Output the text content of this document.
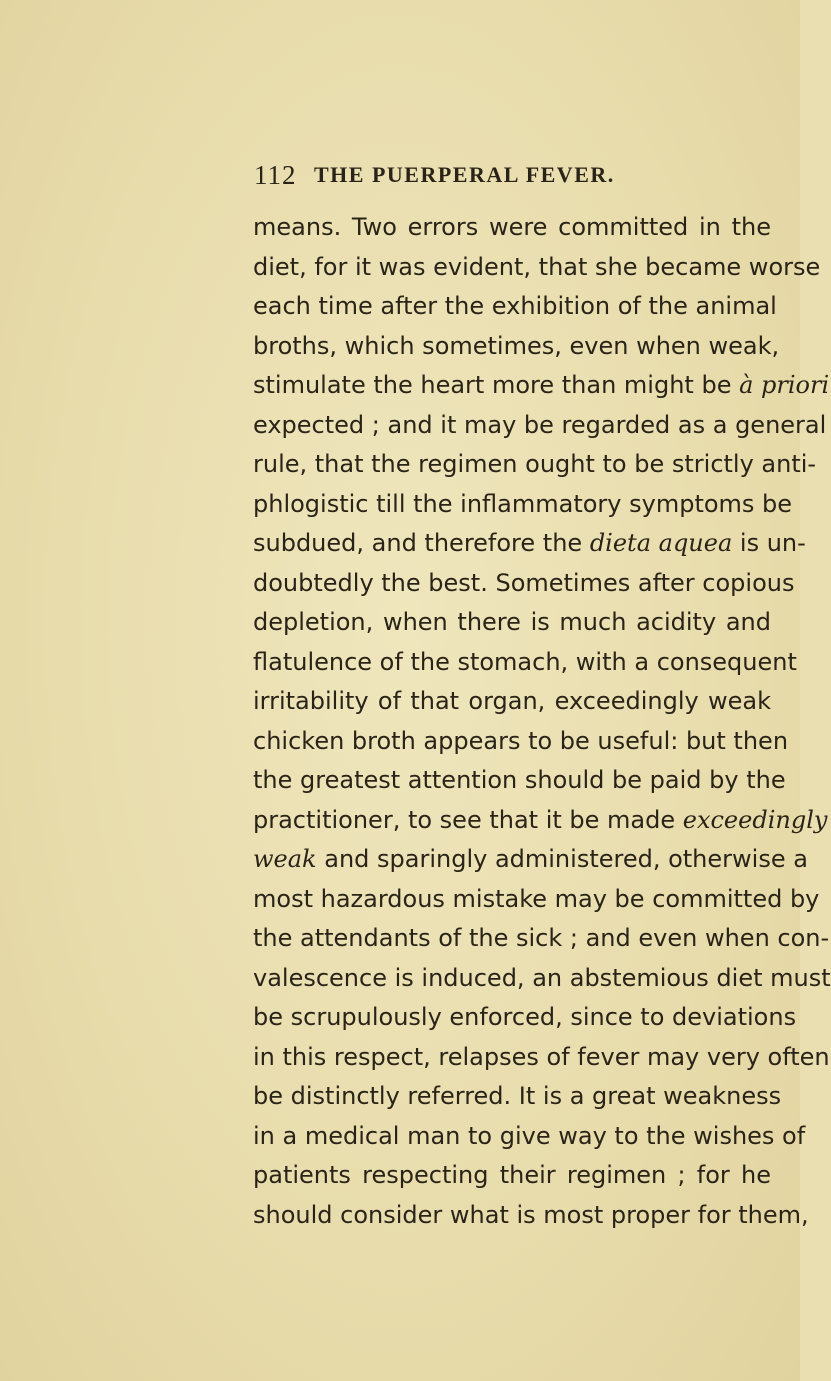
112 THE PUERPERAL FEVER.
means. Two errors were committed in the
diet, for it was evident, that she became worse
each time after the exhibition of the animal
broths, which sometimes, even when weak,
stimulate the heart more than might be à priori
expected ; and it may be regarded as a general
rule, that the regimen ought to be strictly anti-
phlogistic till the inflammatory symptoms be
subdued, and therefore the dieta aquea is un-
doubtedly the best. Sometimes after copious
depletion, when there is much acidity and
flatulence of the stomach, with a consequent
irritability of that organ, exceedingly weak
chicken broth appears to be useful: but then
the greatest attention should be paid by the
practitioner, to see that it be made exceedingly
weak and sparingly administered, otherwise a
most hazardous mistake may be committed by
the attendants of the sick ; and even when con-
valescence is induced, an abstemious diet must
be scrupulously enforced, since to deviations
in this respect, relapses of fever may very often
be distinctly referred. It is a great weakness
in a medical man to give way to the wishes of
patients respecting their regimen ; for he
should consider what is most proper for them,
